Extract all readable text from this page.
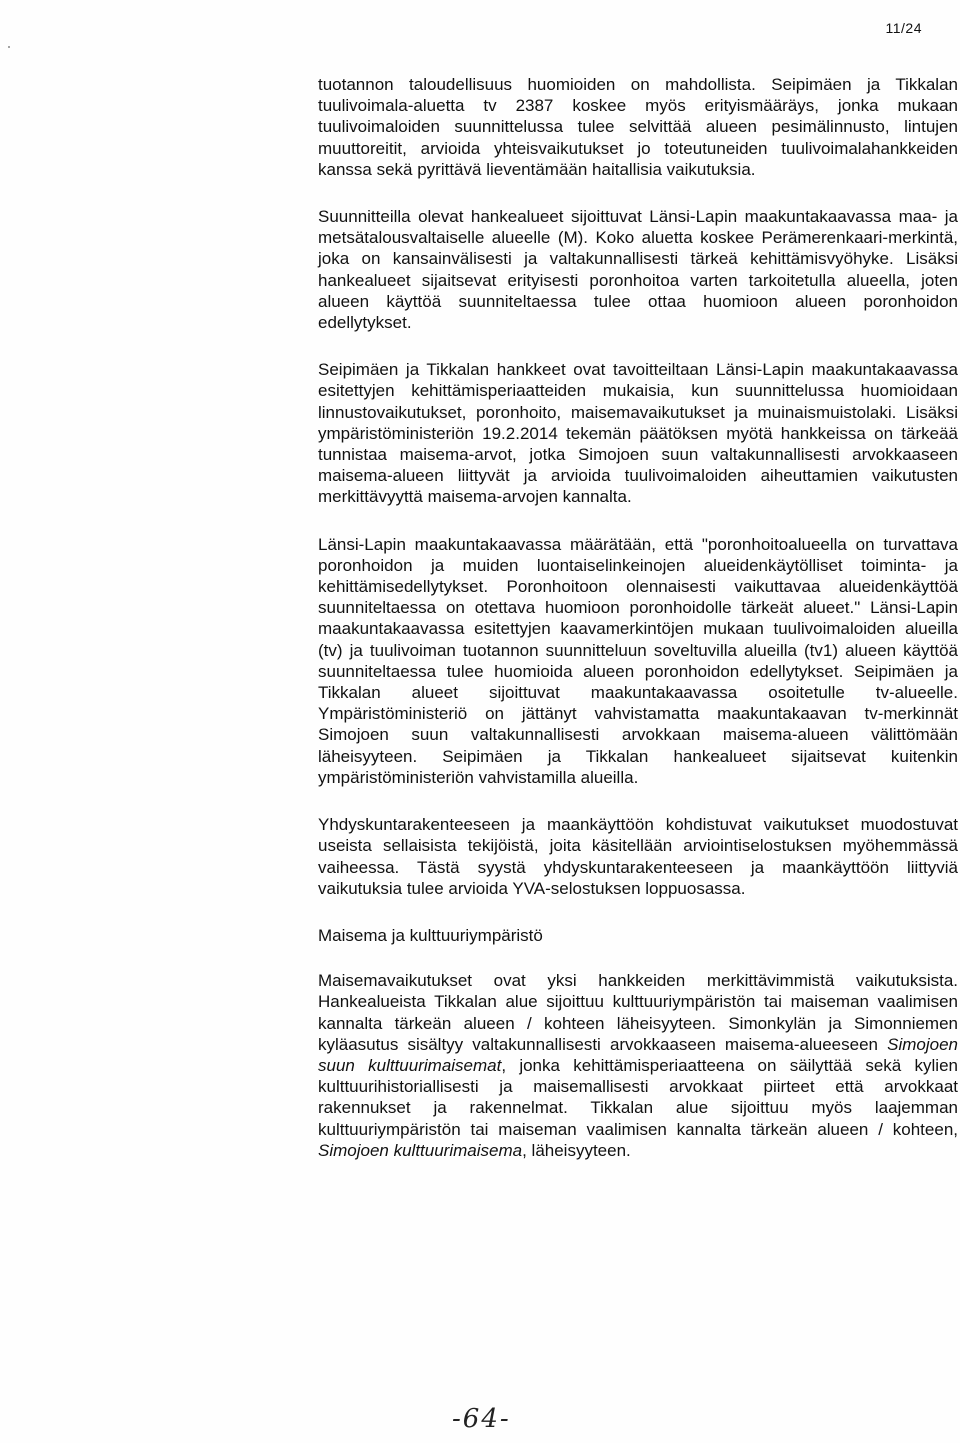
11/24

tuotannon taloudellisuus huomioiden on mahdollista. Seipimäen ja Tikkalan tuulivoimala-aluetta tv 2387 koskee myös erityismääräys, jonka mukaan tuulivoimaloiden suunnittelussa tulee selvittää alueen pesimälinnusto, lintujen muuttoreitit, arvioida yhteisvaikutukset jo toteutuneiden tuulivoimalahankkeiden kanssa sekä pyrittävä lieventämään haitallisia vaikutuksia.

Suunnitteilla olevat hankealueet sijoittuvat Länsi-Lapin maakuntakaavassa maa- ja metsätalousvaltaiselle alueelle (M). Koko aluetta koskee Perämerenkaari-merkintä, joka on kansainvälisesti ja valtakunnallisesti tärkeä kehittämisvyöhyke. Lisäksi hankealueet sijaitsevat erityisesti poronhoitoa varten tarkoitetulla alueella, joten alueen käyttöä suunniteltaessa tulee ottaa huomioon alueen poronhoidon edellytykset.

Seipimäen ja Tikkalan hankkeet ovat tavoitteiltaan Länsi-Lapin maakuntakaavassa esitettyjen kehittämisperiaatteiden mukaisia, kun suunnittelussa huomioidaan linnustovaikutukset, poronhoito, maisemavaikutukset ja muinaismuistolaki. Lisäksi ympäristöministeriön 19.2.2014 tekemän päätöksen myötä hankkeissa on tärkeää tunnistaa maisema-arvot, jotka Simojoen suun valtakunnallisesti arvokkaaseen maisema-alueen liittyvät ja arvioida tuulivoimaloiden aiheuttamien vaikutusten merkittävyyttä maisema-arvojen kannalta.

Länsi-Lapin maakuntakaavassa määrätään, että "poronhoitoalueella on turvattava poronhoidon ja muiden luontaiselinkeinojen alueidenkäytölliset toiminta- ja kehittämisedellytykset. Poronhoitoon olennaisesti vaikuttavaa alueidenkäyttöä suunniteltaessa on otettava huomioon poronhoidolle tärkeät alueet." Länsi-Lapin maakuntakaavassa esitettyjen kaavamerkintöjen mukaan tuulivoimaloiden alueilla (tv) ja tuulivoiman tuotannon suunnitteluun soveltuvilla alueilla (tv1) alueen käyttöä suunniteltaessa tulee huomioida alueen poronhoidon edellytykset. Seipimäen ja Tikkalan alueet sijoittuvat maakuntakaavassa osoitetulle tv-alueelle. Ympäristöministeriö on jättänyt vahvistamatta maakuntakaavan tv-merkinnät Simojoen suun valtakunnallisesti arvokkaan maisema-alueen välittömään läheisyyteen. Seipimäen ja Tikkalan hankealueet sijaitsevat kuitenkin ympäristöministeriön vahvistamilla alueilla.

Yhdyskuntarakenteeseen ja maankäyttöön kohdistuvat vaikutukset muodostuvat useista sellaisista tekijöistä, joita käsitellään arviointiselostuksen myöhemmässä vaiheessa. Tästä syystä yhdyskuntarakenteeseen ja maankäyttöön liittyviä vaikutuksia tulee arvioida YVA-selostuksen loppuosassa.

Maisema ja kulttuuriympäristö

Maisemavaikutukset ovat yksi hankkeiden merkittävimmistä vaikutuksista. Hankealueista Tikkalan alue sijoittuu kulttuuriympäristön tai maiseman vaalimisen kannalta tärkeän alueen / kohteen läheisyyteen. Simonkylän ja Simonniemen kyläasutus sisältyy valtakunnallisesti arvokkaaseen maisema-alueeseen Simojoen suun kulttuurimaisemat, jonka kehittämisperiaatteena on säilyttää sekä kylien kulttuurihistoriallisesti ja maisemallisesti arvokkaat piirteet että arvokkaat rakennukset ja rakennelmat. Tikkalan alue sijoittuu myös laajemman kulttuuriympäristön tai maiseman vaalimisen kannalta tärkeän alueen / kohteen, Simojoen kulttuurimaisema, läheisyyteen.

-64-
